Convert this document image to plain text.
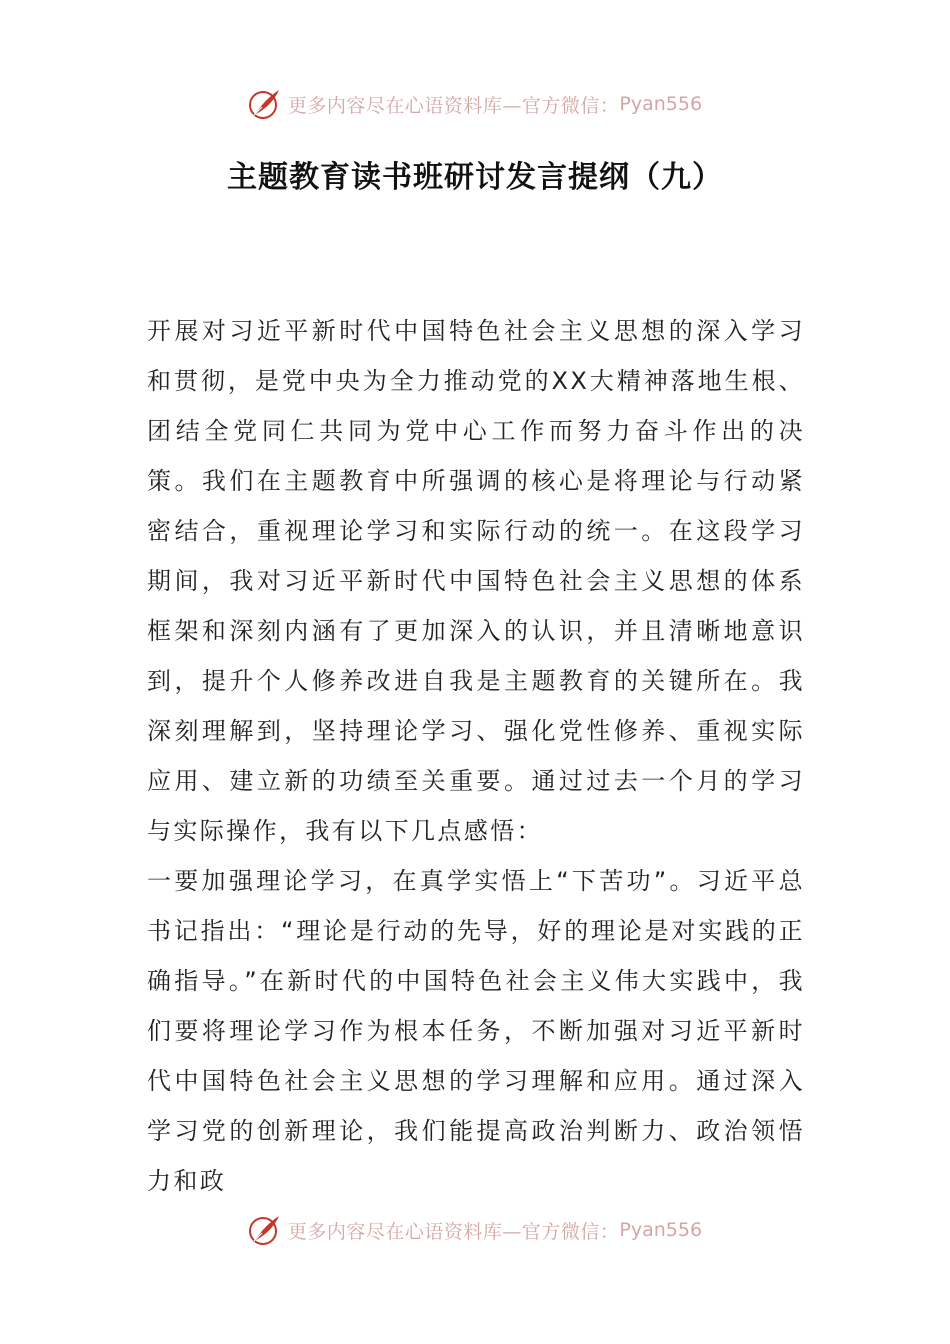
更多内容尽在心语资料库—官方微信： Pyan556
主题教育读书班研讨发言提纲（九）

开展对习近平新时代中国特色社会主义思想的深入学习和贯彻，是党中央为全力推动党的XX大精神落地生根、团结全党同仁共同为党中心工作而努力奋斗作出的决策。我们在主题教育中所强调的核心是将理论与行动紧密结合，重视理论学习和实际行动的统一。在这段学习期间，我对习近平新时代中国特色社会主义思想的体系框架和深刻内涵有了更加深入的认识，并且清晰地意识到，提升个人修养改进自我是主题教育的关键所在。我深刻理解到，坚持理论学习、强化党性修养、重视实际应用、建立新的功绩至关重要。通过过去一个月的学习与实际操作，我有以下几点感悟：

一要加强理论学习，在真学实悟上“下苦功”。习近平总书记指出：“理论是行动的先导，好的理论是对实践的正确指导。”在新时代的中国特色社会主义伟大实践中，我们要将理论学习作为根本任务，不断加强对习近平新时代中国特色社会主义思想的学习理解和应用。通过深入学习党的创新理论，我们能提高政治判断力、政治领悟力和政

更多内容尽在心语资料库—官方微信： Pyan556
